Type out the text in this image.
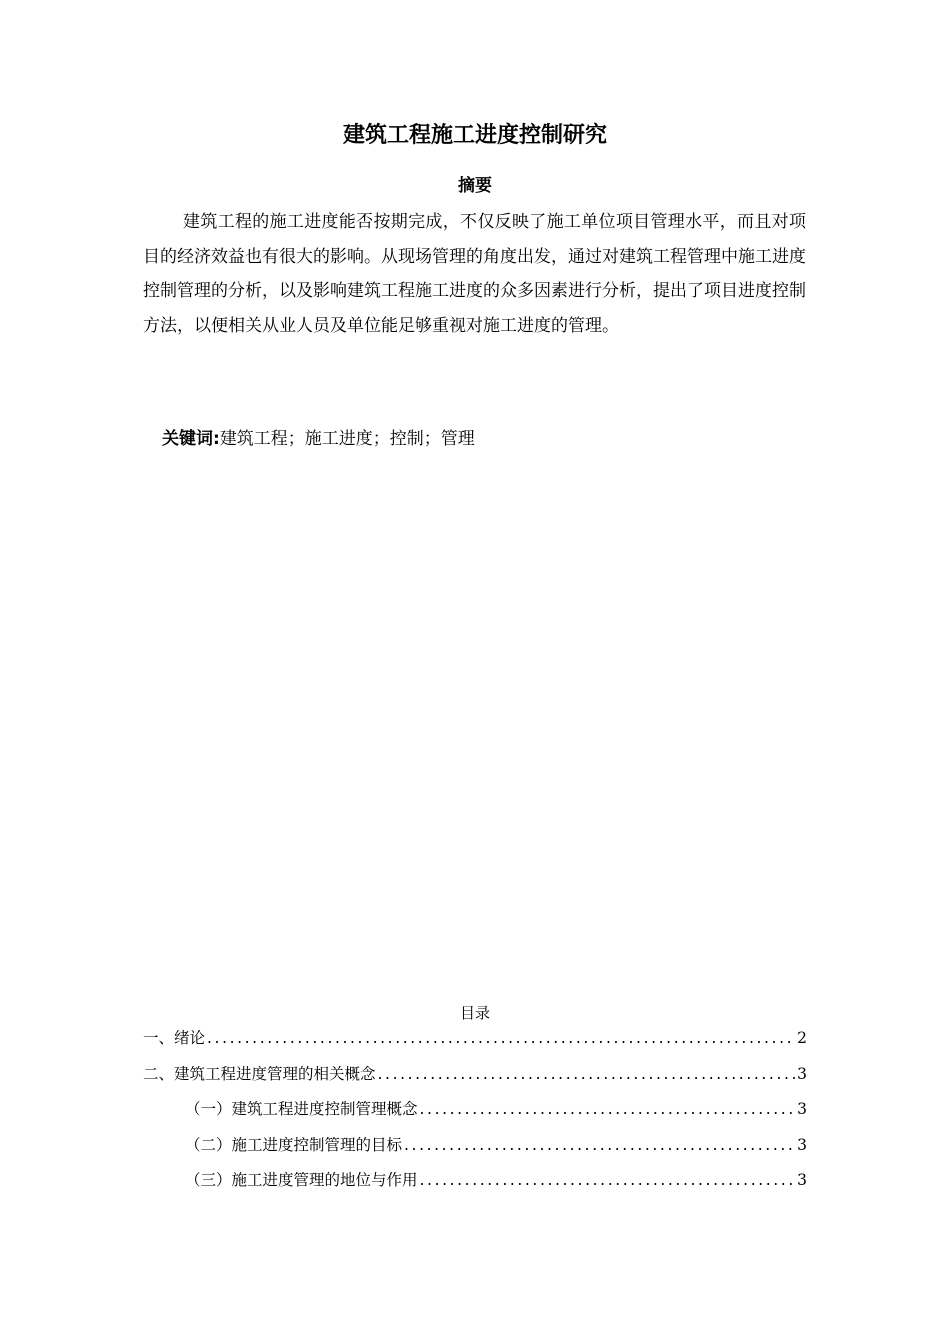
建筑工程施工进度控制研究
摘要

建筑工程的施工进度能否按期完成，不仅反映了施工单位项目管理水平，而且对项目的经济效益也有很大的影响。从现场管理的角度出发，通过对建筑工程管理中施工进度控制管理的分析，以及影响建筑工程施工进度的众多因素进行分析，提出了项目进度控制方法，以便相关从业人员及单位能足够重视对施工进度的管理。

关键词:建筑工程；施工进度；控制；管理
目录
一、绪论 .....	2
二、建筑工程进度管理的相关概念 .....	3
（一）建筑工程进度控制管理概念 .....	3
（二）施工进度控制管理的目标 .....	3
（三）施工进度管理的地位与作用 .....	3
